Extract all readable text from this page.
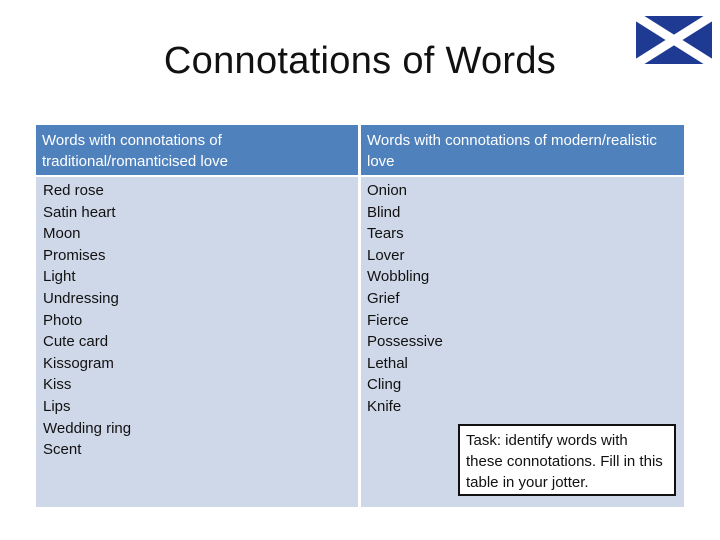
Connotations of Words
Words with connotations of traditional/romanticised love
Words with connotations of modern/realistic love
Red rose
Satin heart
Moon
Promises
Light
Undressing
Photo
Cute card
Kissogram
Kiss
Lips
Wedding ring
Scent
Onion
Blind
Tears
Lover
Wobbling
Grief
Fierce
Possessive
Lethal
Cling
Knife
Task: identify words with these connotations. Fill in this table in your jotter.
